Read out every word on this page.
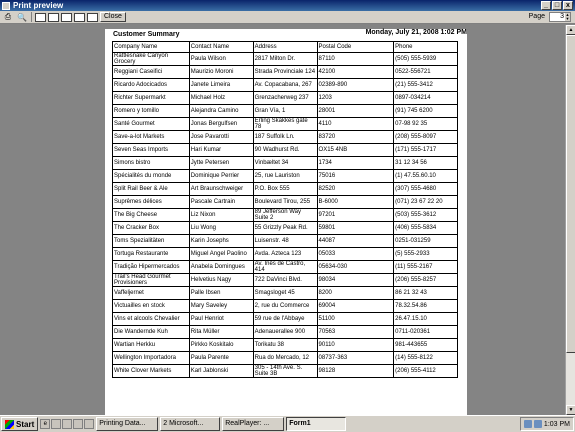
Print preview	_ □ x
⎙ 🔍	Close	Page	3 ▲
▼
Customer Summary	Monday, July 21, 2008 1:02 PM
Company Name	Contact Name	Address	Postal Code	Phone
Rattlesnake Canyon Grocery	Paula Wilson	2817 Milton Dr.	87110	(505) 555-5939
Reggiani Caseifici	Maurizio Moroni	Strada Provinciale 124	42100	0522-556721
Ricardo Adocicados	Janete Limeira	Av. Copacabana, 267	02389-890	(21) 555-3412
Richter Supermarkt	Michael Holz	Grenzacherweg 237	1203	0897-034214
Romero y tomillo	Alejandra Camino	Gran Vía, 1	28001	(91) 745 6200
Santé Gourmet	Jonas Bergulfsen	Erling Skakkes gate 78	4110	07-98 92 35
Save-a-lot Markets	Jose Pavarotti	187 Suffolk Ln.	83720	(208) 555-8097
Seven Seas Imports	Hari Kumar	90 Wadhurst Rd.	OX15 4NB	(171) 555-1717
Simons bistro	Jytte Petersen	Vinbæltet 34	1734	31 12 34 56
Spécialités du monde	Dominique Perrier	25, rue Lauriston	75016	(1) 47.55.60.10
Split Rail Beer & Ale	Art Braunschweiger	P.O. Box 555	82520	(307) 555-4680
Suprêmes délices	Pascale Cartrain	Boulevard Tirou, 255	B-6000	(071) 23 67 22 20
The Big Cheese	Liz Nixon	89 Jefferson Way Suite 2	97201	(503) 555-3612
The Cracker Box	Liu Wong	55 Grizzly Peak Rd.	59801	(406) 555-5834
Toms Spezialitäten	Karin Josephs	Luisenstr. 48	44087	0251-031259
Tortuga Restaurante	Miguel Angel Paolino	Avda. Azteca 123	05033	(5) 555-2933
Tradição Hipermercados	Anabela Domingues	Av. Inês de Castro, 414	05634-030	(11) 555-2167
Trail's Head Gourmet Provisioners	Helvetius Nagy	722 DaVinci Blvd.	98034	(206) 555-8257
Vaffeljernet	Palle Ibsen	Smagsloget 45	8200	86 21 32 43
Victuailles en stock	Mary Saveley	2, rue du Commerce	69004	78.32.54.86
Vins et alcools Chevalier	Paul Henriot	59 rue de l'Abbaye	51100	26.47.15.10
Die Wandernde Kuh	Rita Müller	Adenauerallee 900	70563	0711-020361
Wartian Herkku	Pirkko Koskitalo	Torikatu 38	90110	981-443655
Wellington Importadora	Paula Parente	Rua do Mercado, 12	08737-363	(14) 555-8122
White Clover Markets	Karl Jablonski	305 - 14th Ave. S. Suite 3B	98128	(206) 555-4112
▲
▼
Start	e	Printing Data...	2 Microsoft...	RealPlayer: ...	Form1	1:03 PM
